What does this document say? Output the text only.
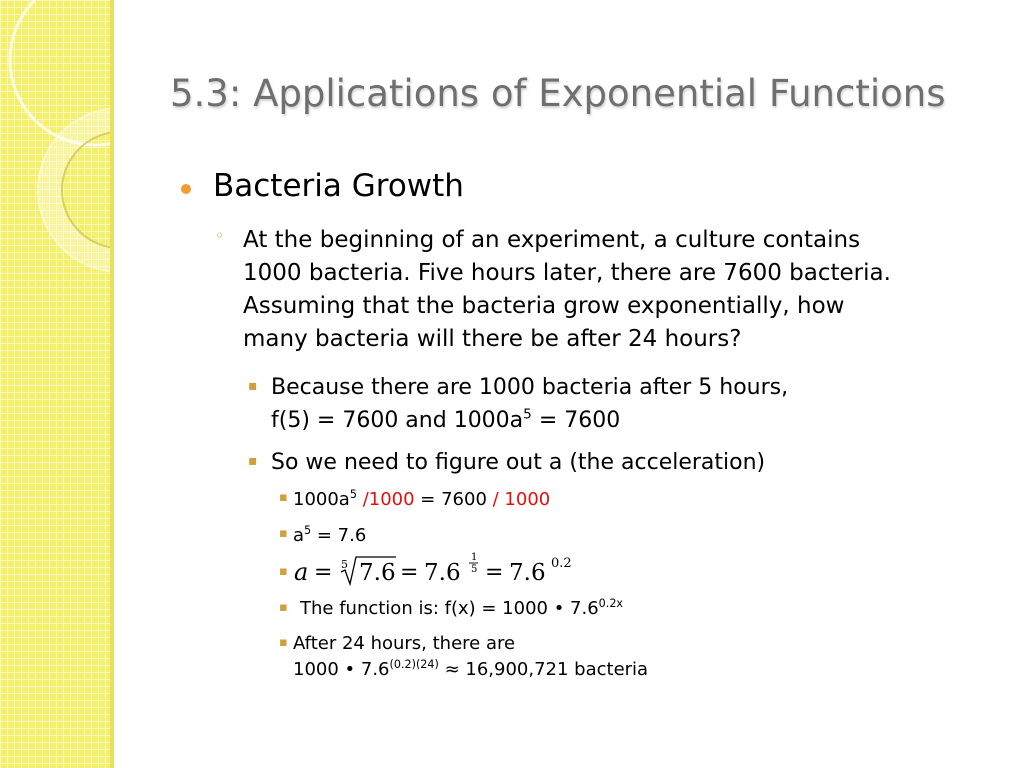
5.3: Applications of Exponential Functions
Bacteria Growth
◦ At the beginning of an experiment, a culture contains
1000 bacteria. Five hours later, there are 7600 bacteria.
Assuming that the bacteria grow exponentially, how
many bacteria will there be after 24 hours?
▪ Because there are 1000 bacteria after 5 hours,
f(5) = 7600 and $1000a^5 = 7600$
▪ So we need to figure out a (the acceleration)
▪ $1000a^5$ /1000 = 7600 / 1000
▪ $a^5 = 7.6$
▪ a = 5 7.6 = 7.6
1
5 = 7.6 0.2
▪ The function is: f(x) = 1000 • $7.6^{0.2x}$
▪ After 24 hours, there are
1000 • $7.6^{(0.2)(24)} \approx 16,900,721$ bacteria
